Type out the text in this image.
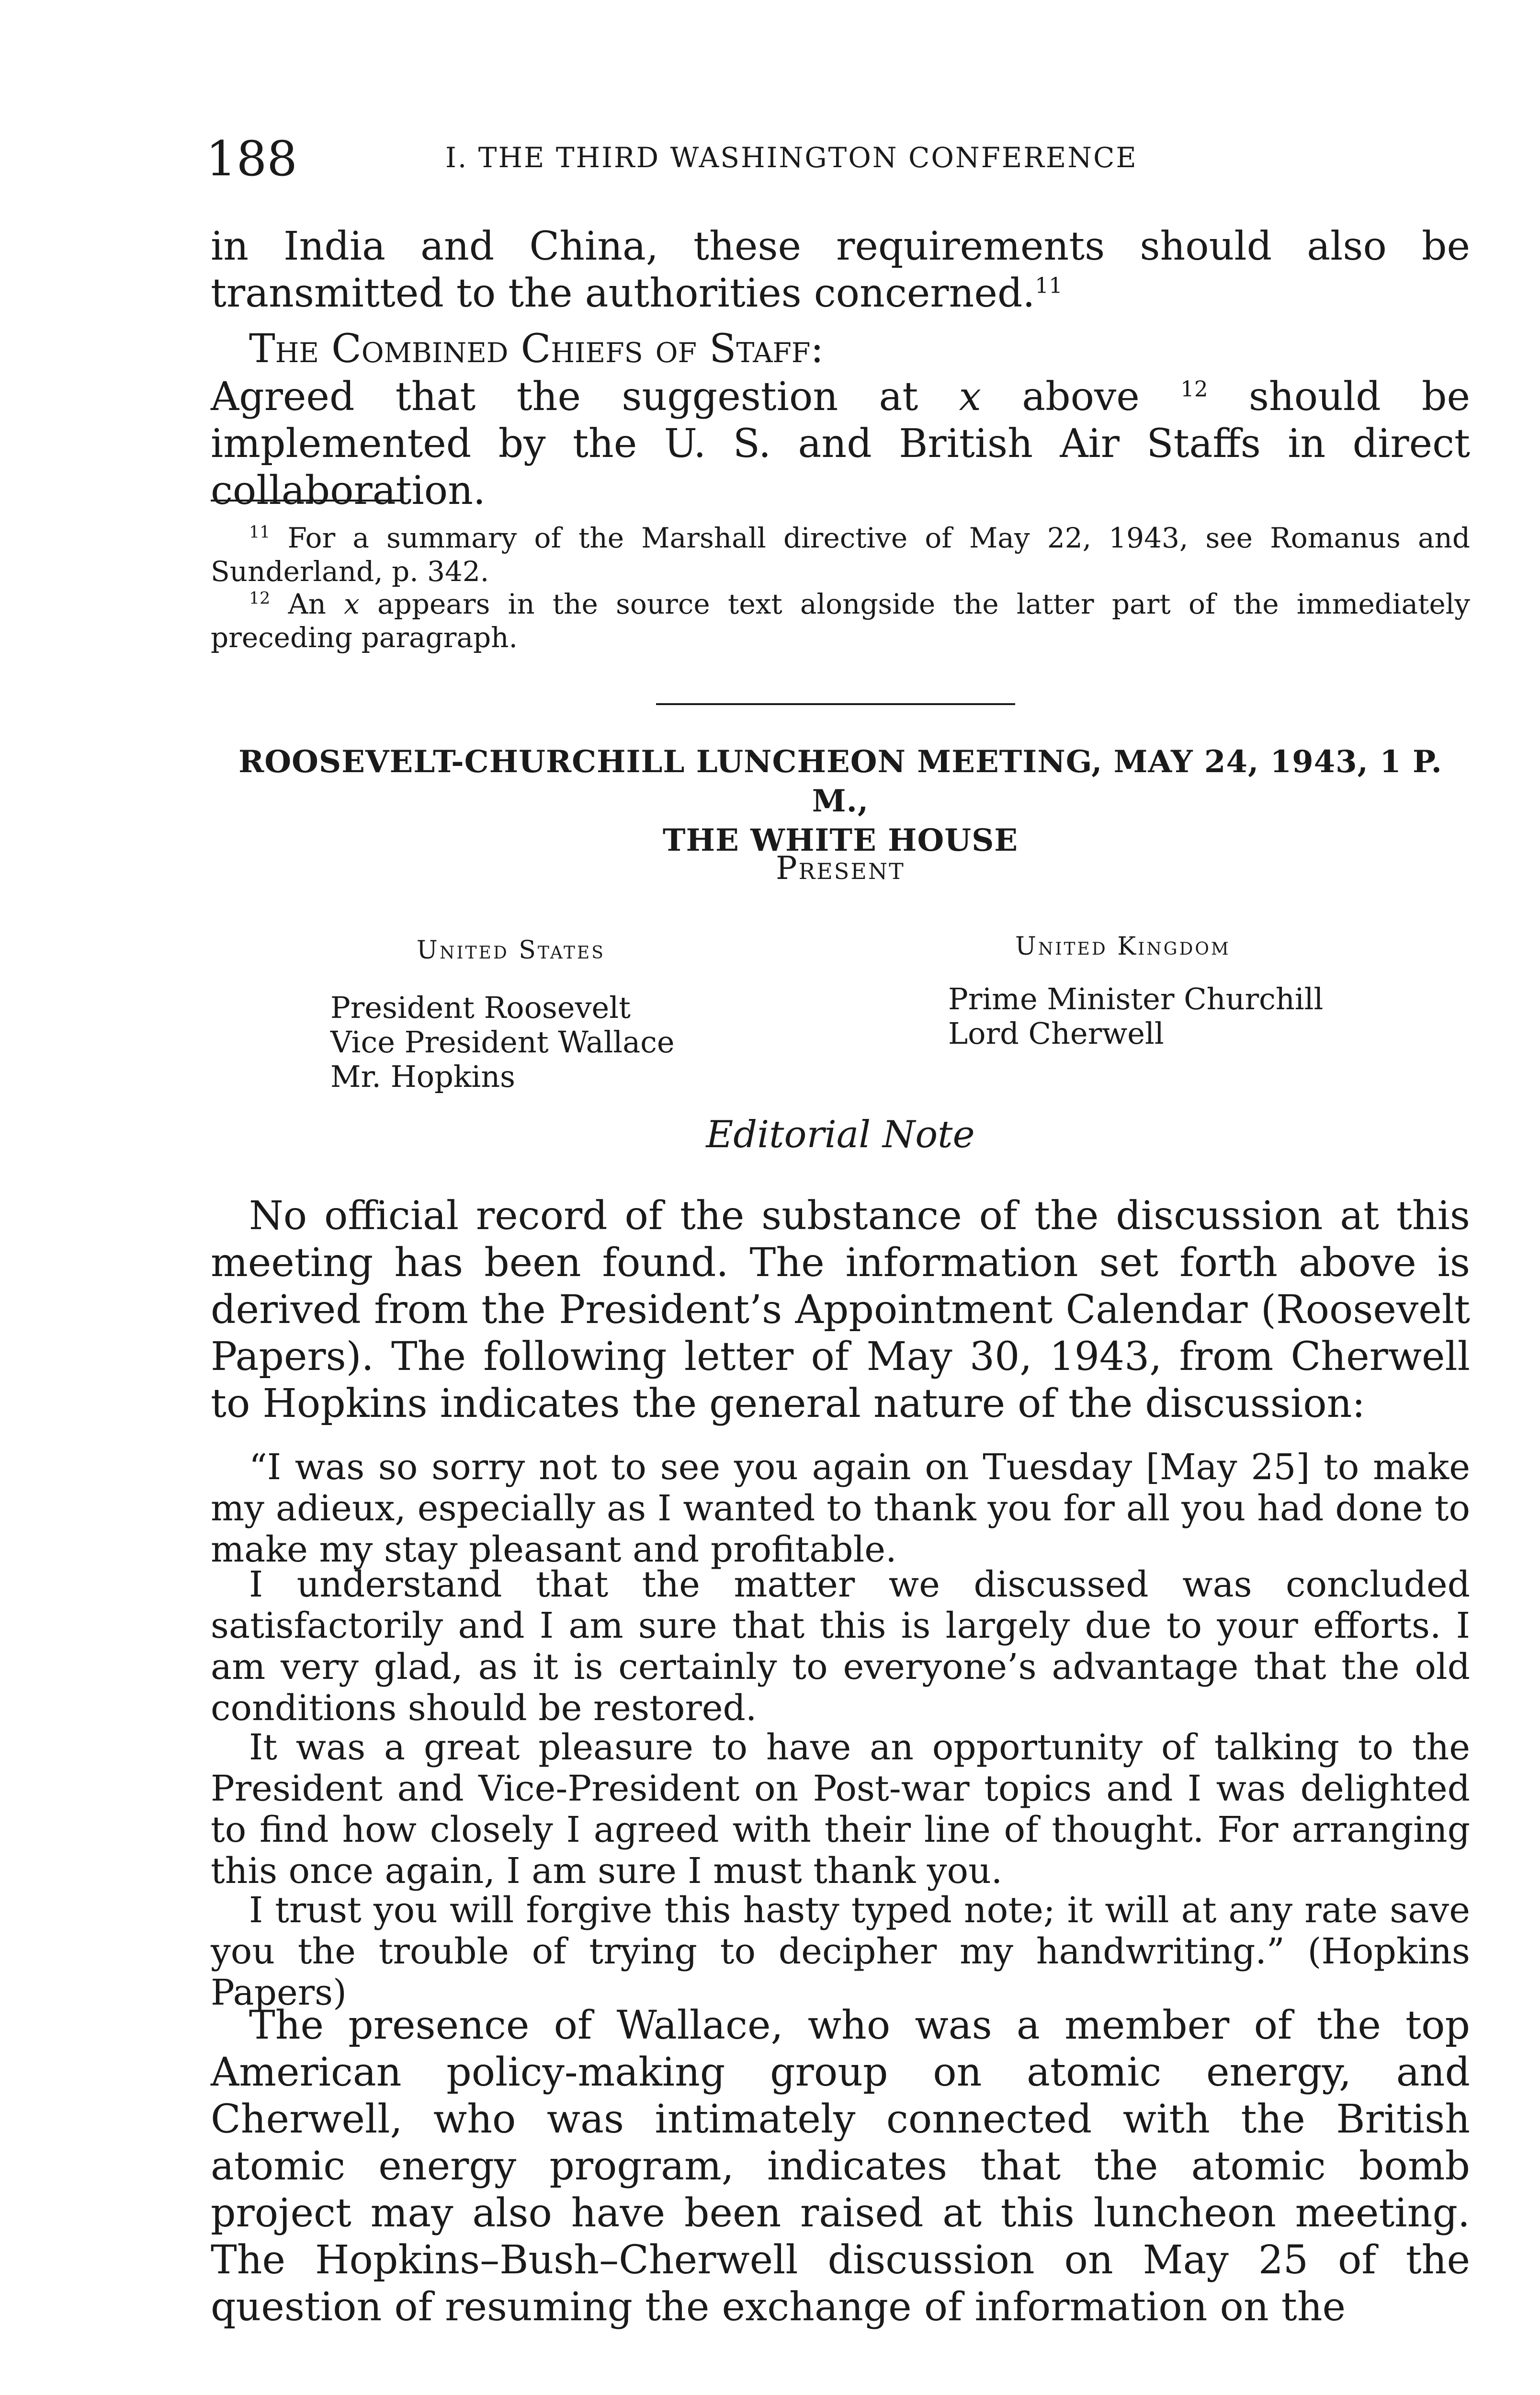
188	I. THE THIRD WASHINGTON CONFERENCE
in India and China, these requirements should also be transmitted to the authorities concerned.$^{11}$
The Combined Chiefs of Staff:
Agreed that the suggestion at x above $^{12}$ should be implemented by the U. S. and British Air Staffs in direct collaboration.
$^{11}$ For a summary of the Marshall directive of May 22, 1943, see Romanus and Sunderland, p. 342.
$^{12}$ An x appears in the source text alongside the latter part of the immediately preceding paragraph.
ROOSEVELT-CHURCHILL LUNCHEON MEETING, MAY 24, 1943, 1 P. M.,
THE WHITE HOUSE
Present
United States	United Kingdom
President Roosevelt
Vice President Wallace
Mr. Hopkins
Prime Minister Churchill
Lord Cherwell
Editorial Note
No official record of the substance of the discussion at this meeting has been found. The information set forth above is derived from the President’s Appointment Calendar (Roosevelt Papers). The following letter of May 30, 1943, from Cherwell to Hopkins indicates the general nature of the discussion:
“I was so sorry not to see you again on Tuesday [May 25] to make my adieux, especially as I wanted to thank you for all you had done to make my stay pleasant and profitable.
I understand that the matter we discussed was concluded satisfactorily and I am sure that this is largely due to your efforts. I am very glad, as it is certainly to everyone’s advantage that the old conditions should be restored.
It was a great pleasure to have an opportunity of talking to the President and Vice-President on Post-war topics and I was delighted to find how closely I agreed with their line of thought. For arranging this once again, I am sure I must thank you.
I trust you will forgive this hasty typed note; it will at any rate save you the trouble of trying to decipher my handwriting.” (Hopkins Papers)
The presence of Wallace, who was a member of the top American policy-making group on atomic energy, and Cherwell, who was intimately connected with the British atomic energy program, indicates that the atomic bomb project may also have been raised at this luncheon meeting. The Hopkins–Bush–Cherwell discussion on May 25 of the question of resuming the exchange of information on the
